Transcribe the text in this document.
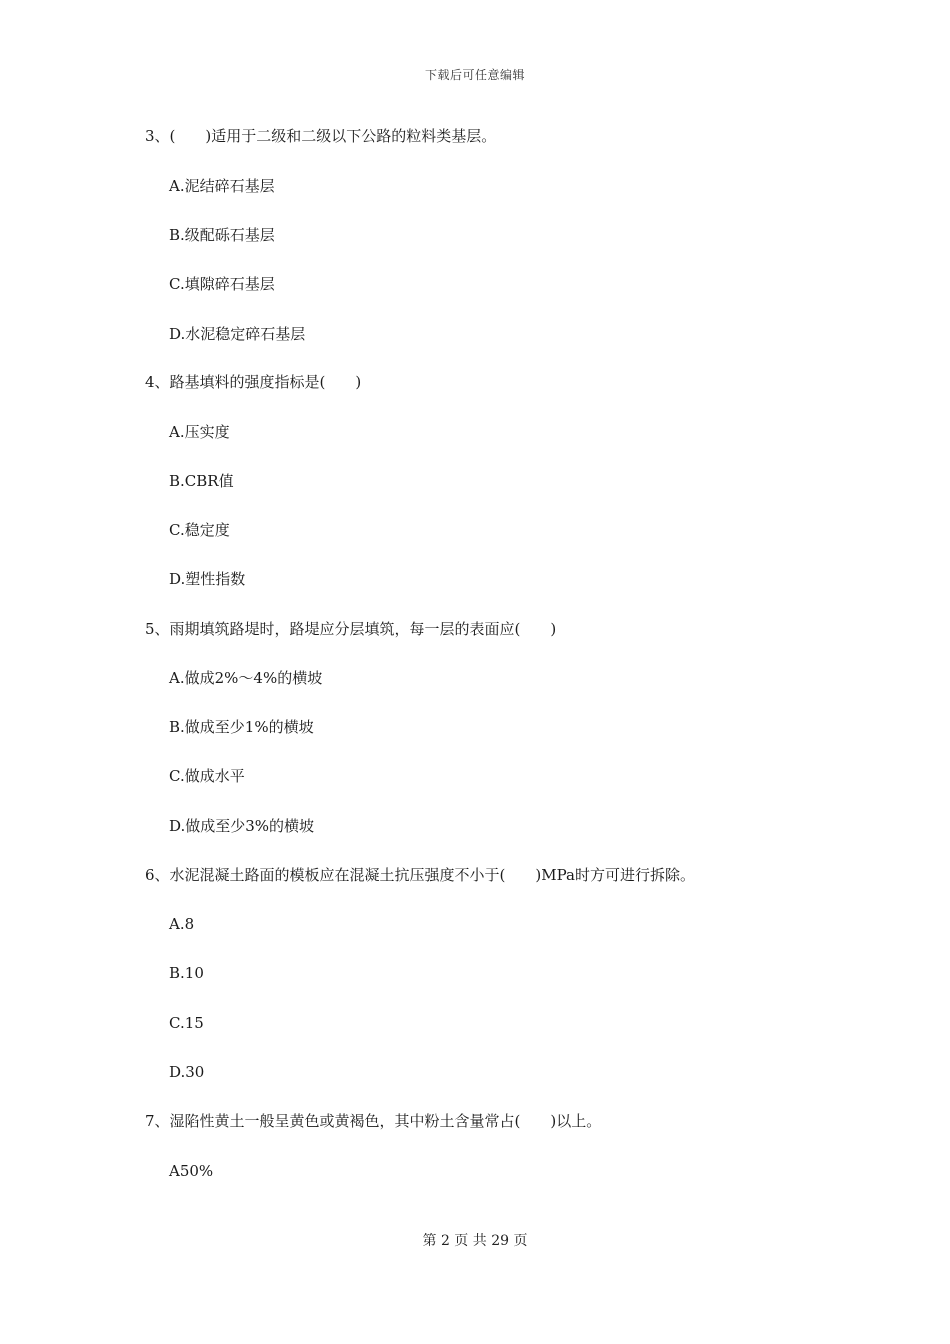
下载后可任意编辑
3、(　　)适用于二级和二级以下公路的粒料类基层。
A.泥结碎石基层
B.级配砾石基层
C.填隙碎石基层
D.水泥稳定碎石基层
4、路基填料的强度指标是(　　)
A.压实度
B.CBR值
C.稳定度
D.塑性指数
5、雨期填筑路堤时，路堤应分层填筑，每一层的表面应(　　)
A.做成2%～4%的横坡
B.做成至少1%的横坡
C.做成水平
D.做成至少3%的横坡
6、水泥混凝土路面的模板应在混凝土抗压强度不小于(　　)MPa时方可进行拆除。
A.8
B.10
C.15
D.30
7、湿陷性黄土一般呈黄色或黄褐色，其中粉土含量常占(　　)以上。
A50%
第 2 页 共 29 页
